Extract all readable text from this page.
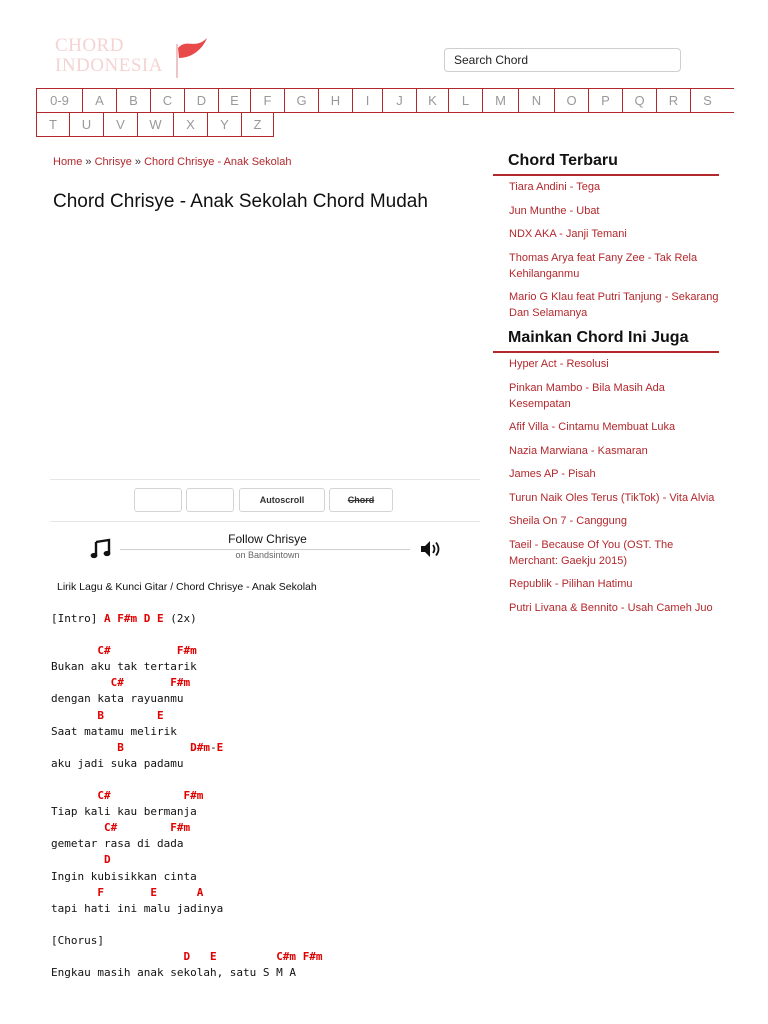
CHORD
INDONESIA
Search Chord
0-9	A	B	C	D	E	F	G	H	I	J	K	L	M	N	O	P	Q	R	S
T	U	V	W	X	Y	Z
Home » Chrisye » Chord Chrisye - Anak Sekolah
Chord Chrisye - Anak Sekolah Chord Mudah
Autoscroll	Chord
Follow Chrisye
on Bandsintown
Lirik Lagu & Kunci Gitar / Chord Chrisye - Anak Sekolah
[Intro] A F#m D E (2x)
C#	F#m
Bukan aku tak tertarik
C#	F#m
dengan kata rayuanmu
B	E
Saat matamu melirik
B	D#m-E
aku jadi suka padamu
C#	F#m
Tiap kali kau bermanja
C#	F#m
gemetar rasa di dada
D
Ingin kubisikkan cinta
F	E	A
tapi hati ini malu jadinya
[Chorus]
D E	C#m F#m
Engkau masih anak sekolah, satu S M A
Chord Terbaru
Tiara Andini - Tega
Jun Munthe - Ubat
NDX AKA - Janji Temani
Thomas Arya feat Fany Zee - Tak Rela Kehilanganmu
Mario G Klau feat Putri Tanjung - Sekarang Dan Selamanya
Mainkan Chord Ini Juga
Hyper Act - Resolusi
Pinkan Mambo - Bila Masih Ada Kesempatan
Afif Villa - Cintamu Membuat Luka
Nazia Marwiana - Kasmaran
James AP - Pisah
Turun Naik Oles Terus (TikTok) - Vita Alvia
Sheila On 7 - Canggung
Taeil - Because Of You (OST. The Merchant: Gaekju 2015)
Republik - Pilihan Hatimu
Putri Livana & Bennito - Usah Cameh Juo
